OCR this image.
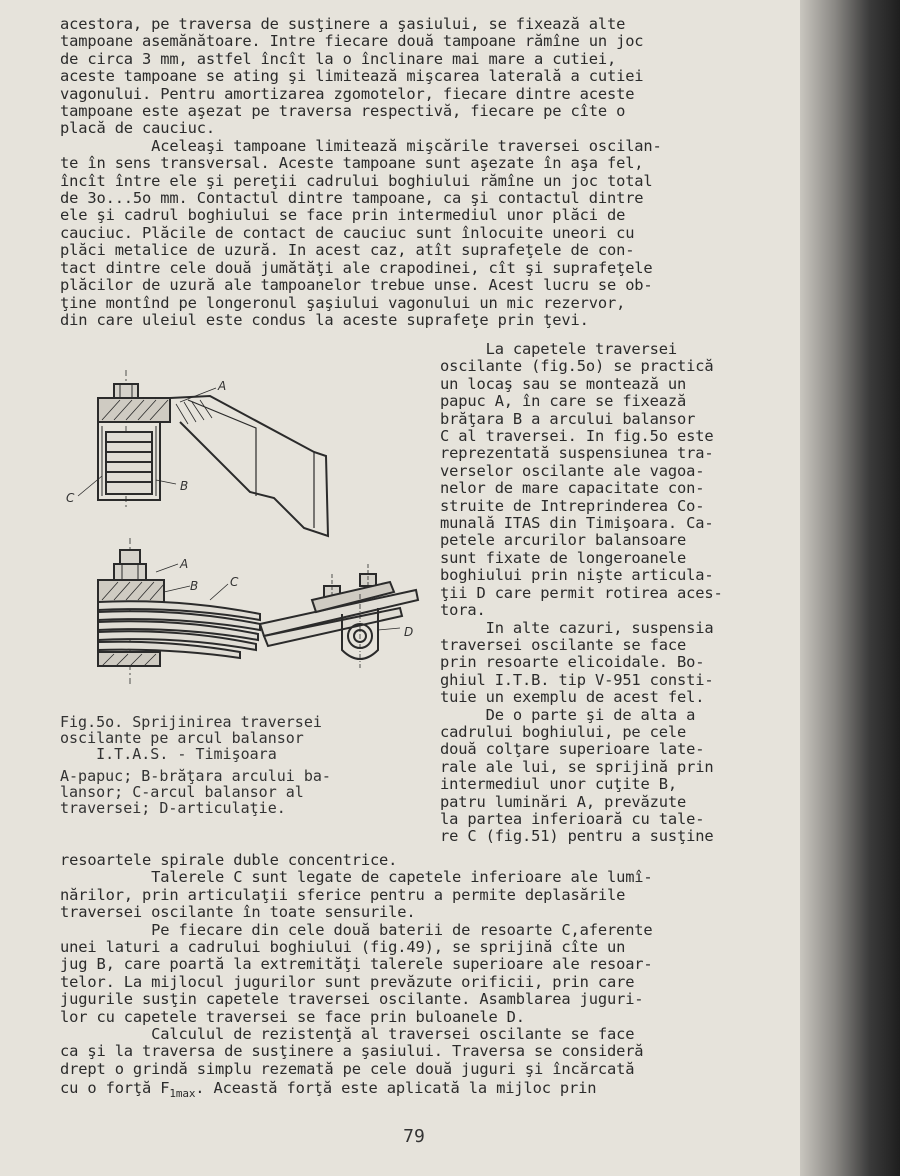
acestora, pe traversa de susţinere a şasiului, se fixează alte
tampoane asemănătoare. Intre fiecare două tampoane rămîne un joc
de circa 3 mm, astfel încît la o înclinare mai mare a cutiei,
aceste tampoane se ating şi limitează mişcarea laterală a cutiei
vagonului. Pentru amortizarea zgomotelor, fiecare dintre aceste
tampoane este aşezat pe traversa respectivă, fiecare pe cîte o
placă de cauciuc.
Aceleaşi tampoane limitează mişcările traversei oscilan-
te în sens transversal. Aceste tampoane sunt aşezate în aşa fel,
încît între ele şi pereţii cadrului boghiului rămîne un joc total
de 3o...5o mm. Contactul dintre tampoane, ca şi contactul dintre
ele şi cadrul boghiului se face prin intermediul unor plăci de
cauciuc. Plăcile de contact de cauciuc sunt înlocuite uneori cu
plăci metalice de uzură. In acest caz, atît suprafeţele de con-
tact dintre cele două jumătăţi ale crapodinei, cît şi suprafeţele
plăcilor de uzură ale tampoanelor trebue unse. Acest lucru se ob-
ţine montînd pe longeronul şaşiului vagonului un mic rezervor,
din care uleiul este condus la aceste suprafeţe prin ţevi.
A
C
B
A
B	C
D
La capetele traversei
oscilante (fig.5o) se practică
un locaş sau se montează un
papuc A, în care se fixează
brăţara B a arcului balansor
C al traversei. In fig.5o este
reprezentată suspensiunea tra-
verselor oscilante ale vagoa-
nelor de mare capacitate con-
struite de Intreprinderea Co-
munală ITAS din Timişoara. Ca-
petele arcurilor balansoare
sunt fixate de longeroanele
boghiului prin nişte articula-
ţii D care permit rotirea aces-
tora.
In alte cazuri, suspensia
traversei oscilante se face
prin resoarte elicoidale. Bo-
ghiul I.T.B. tip V-951 consti-
tuie un exemplu de acest fel.
De o parte şi de alta a
cadrului boghiului, pe cele
două colţare superioare late-
rale ale lui, se sprijină prin
intermediul unor cuţite B,
patru luminări A, prevăzute
la partea inferioară cu tale-
re C (fig.51) pentru a susţine
Fig.5o. Sprijinirea traversei
oscilante pe arcul balansor
I.T.A.S. - Timişoara
A-papuc; B-brăţara arcului ba-
lansor; C-arcul balansor al
traversei; D-articulaţie.
resoartele spirale duble concentrice.
Talerele C sunt legate de capetele inferioare ale lumî-
nărilor, prin articulaţii sferice pentru a permite deplasările
traversei oscilante în toate sensurile.
Pe fiecare din cele două baterii de resoarte C,aferente
unei laturi a cadrului boghiului (fig.49), se sprijină cîte un
jug B, care poartă la extremităţi talerele superioare ale resoar-
telor. La mijlocul jugurilor sunt prevăzute orificii, prin care
jugurile susţin capetele traversei oscilante. Asamblarea juguri-
lor cu capetele traversei se face prin buloanele D.
Calculul de rezistenţă al traversei oscilante se face
ca şi la traversa de susţinere a şasiului. Traversa se consideră
drept o grindă simplu rezemată pe cele două juguri şi încărcată
cu o forţă $F_{1max}$. Această forţă este aplicată la mijloc prin
79
